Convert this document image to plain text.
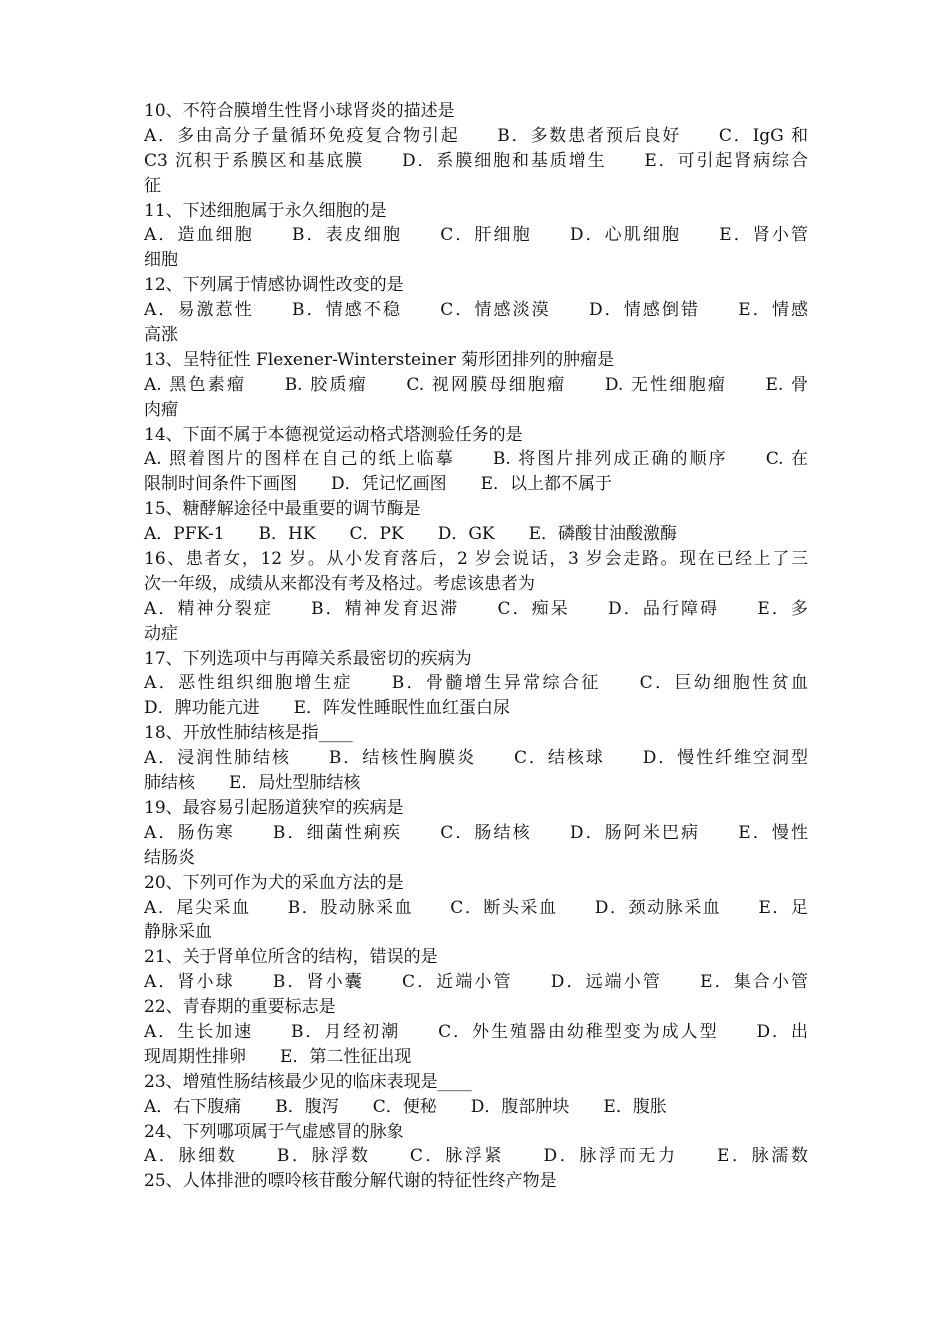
10、不符合膜增生性肾小球肾炎的描述是
A．多由高分子量循环免疫复合物引起　　B．多数患者预后良好　　C．IgG 和
C3 沉积于系膜区和基底膜　　D．系膜细胞和基质增生　　E．可引起肾病综合
征
11、下述细胞属于永久细胞的是
A．造血细胞　　B．表皮细胞　　C．肝细胞　　D．心肌细胞　　E．肾小管
细胞
12、下列属于情感协调性改变的是
A．易激惹性　　B．情感不稳　　C．情感淡漠　　D．情感倒错　　E．情感
高涨
13、呈特征性 Flexener-Wintersteiner 菊形团排列的肿瘤是
A. 黑色素瘤　　B. 胶质瘤　　C. 视网膜母细胞瘤　　D. 无性细胞瘤　　E. 骨
肉瘤
14、下面不属于本德视觉运动格式塔测验任务的是
A. 照着图片的图样在自己的纸上临摹　　B. 将图片排列成正确的顺序　　C. 在
限制时间条件下画图　　D．凭记忆画图　　E．以上都不属于
15、糖酵解途径中最重要的调节酶是
A．PFK-1　　B．HK　　C．PK　　D．GK　　E．磷酸甘油酸激酶
16、患者女，12 岁。从小发育落后，2 岁会说话，3 岁会走路。现在已经上了三
次一年级，成绩从来都没有考及格过。考虑该患者为
A．精神分裂症　　B．精神发育迟滞　　C．痴呆　　D．品行障碍　　E．多
动症
17、下列选项中与再障关系最密切的疾病为
A．恶性组织细胞增生症　　B．骨髓增生异常综合征　　C．巨幼细胞性贫血
D．脾功能亢进　　E．阵发性睡眠性血红蛋白尿
18、开放性肺结核是指____
A．浸润性肺结核　　B．结核性胸膜炎　　C．结核球　　D．慢性纤维空洞型
肺结核　　E．局灶型肺结核
19、最容易引起肠道狭窄的疾病是
A．肠伤寒　　B．细菌性痢疾　　C．肠结核　　D．肠阿米巴病　　E．慢性
结肠炎
20、下列可作为犬的采血方法的是
A．尾尖采血　　B．股动脉采血　　C．断头采血　　D．颈动脉采血　　E．足
静脉采血
21、关于肾单位所含的结构，错误的是
A．肾小球　　B．肾小囊　　C．近端小管　　D．远端小管　　E．集合小管
22、青春期的重要标志是
A．生长加速　　B．月经初潮　　C．外生殖器由幼稚型变为成人型　　D．出
现周期性排卵　　E．第二性征出现
23、增殖性肠结核最少见的临床表现是____
A．右下腹痛　　B．腹泻　　C．便秘　　D．腹部肿块　　E．腹胀
24、下列哪项属于气虚感冒的脉象
A．脉细数　　B．脉浮数　　C．脉浮紧　　D．脉浮而无力　　E．脉濡数
25、人体排泄的嘌呤核苷酸分解代谢的特征性终产物是
